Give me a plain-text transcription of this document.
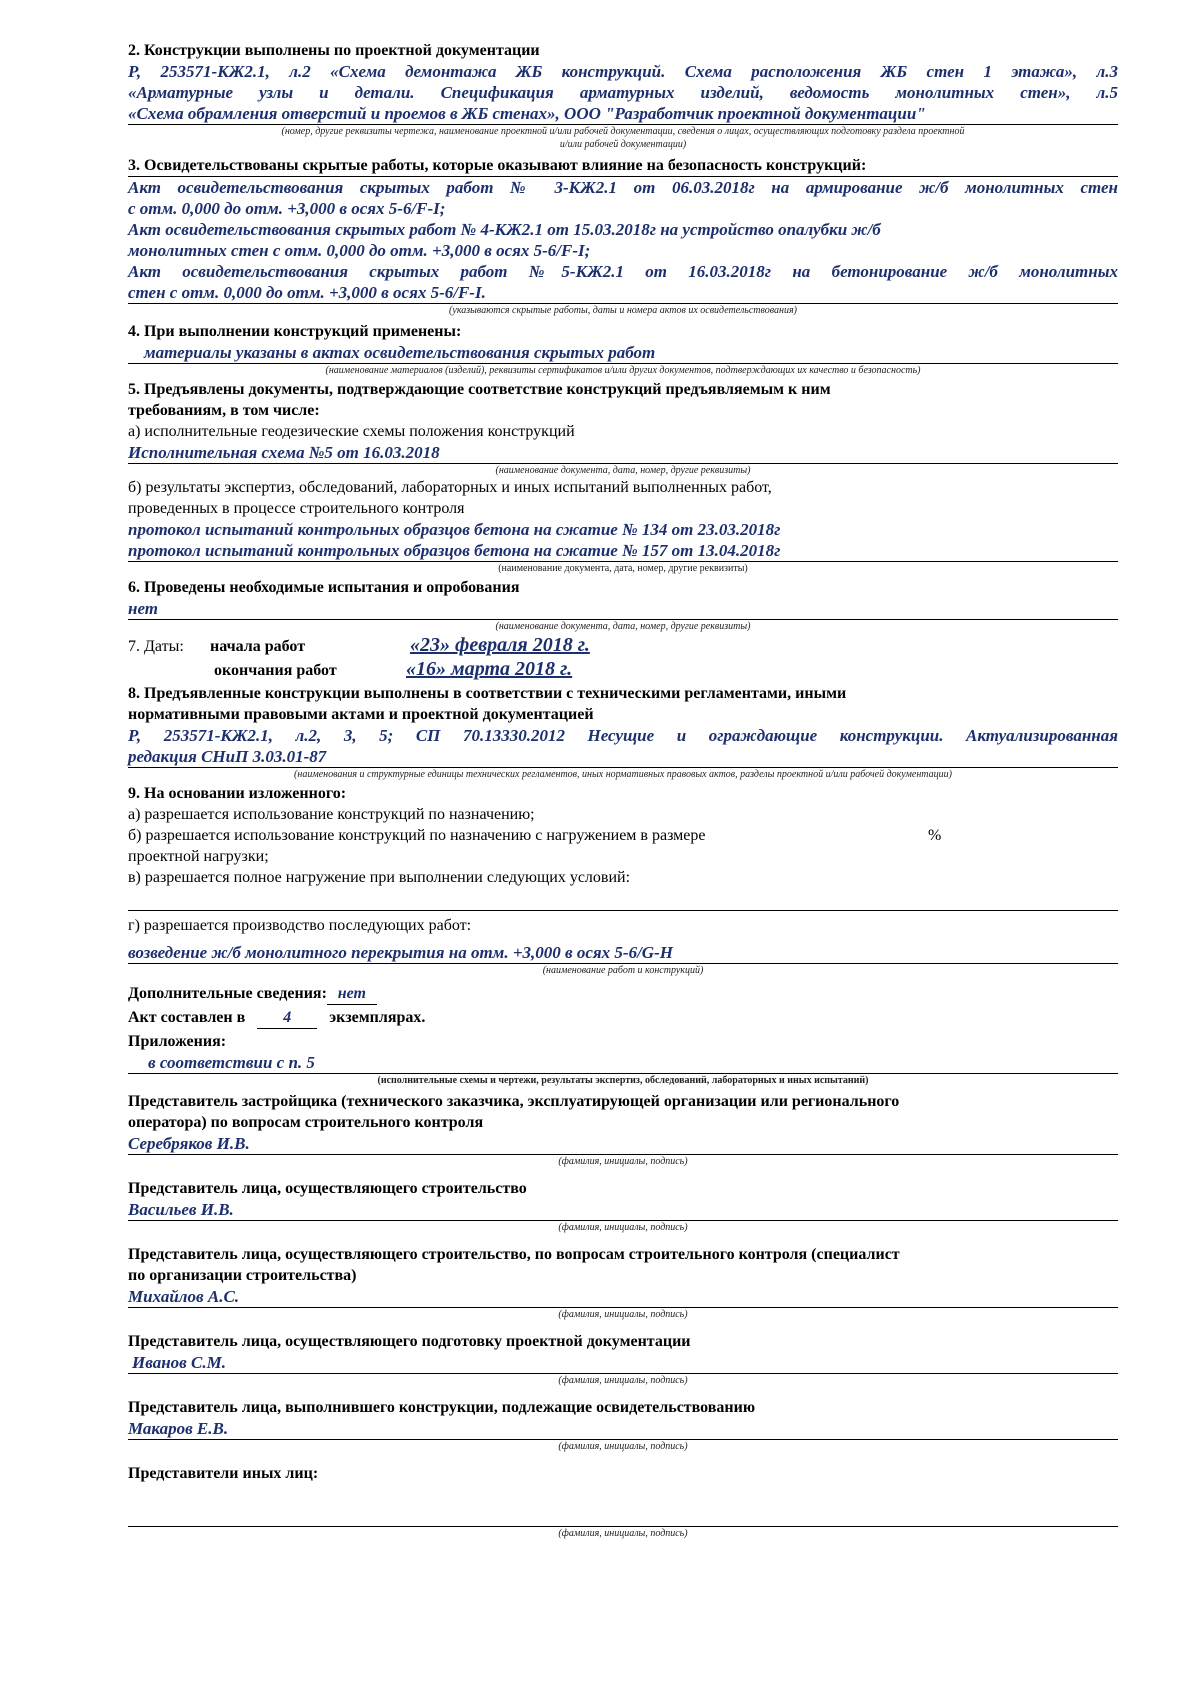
2. Конструкции выполнены по проектной документации
Р, 253571-КЖ2.1, л.2 «Схема демонтажа ЖБ конструкций. Схема расположения ЖБ стен 1 этажа», л.3
«Арматурные узлы и детали. Спецификация арматурных изделий, ведомость монолитных стен», л.5
«Схема обрамления отверстий и проемов в ЖБ стенах», ООО "Разработчик проектной документации"
(номер, другие реквизиты чертежа, наименование проектной и/или рабочей документации, сведения о лицах, осуществляющих подготовку раздела проектной
и/или рабочей документации)
3. Освидетельствованы скрытые работы, которые оказывают влияние на безопасность конструкций:
Акт освидетельствования скрытых работ № 3-КЖ2.1 от 06.03.2018г на армирование ж/б монолитных стен
с отм. 0,000 до отм. +3,000 в осях 5-6/F-I;
Акт освидетельствования скрытых работ № 4-КЖ2.1 от 15.03.2018г на устройство опалубки ж/б
монолитных стен с отм. 0,000 до отм. +3,000 в осях 5-6/F-I;
Акт освидетельствования скрытых работ №5-КЖ2.1 от 16.03.2018г на бетонирование ж/б монолитных
стен с отм. 0,000 до отм. +3,000 в осях 5-6/F-I.
(указываются скрытые работы, даты и номера актов их освидетельствования)
4. При выполнении конструкций применены:
материалы указаны в актах освидетельствования скрытых работ
(наименование материалов (изделий), реквизиты сертификатов и/или других документов, подтверждающих их качество и безопасность)
5. Предъявлены документы, подтверждающие соответствие конструкций предъявляемым к ним
требованиям, в том числе:
а) исполнительные геодезические схемы положения конструкций
Исполнительная схема №5 от 16.03.2018
(наименование документа, дата, номер, другие реквизиты)
б) результаты экспертиз, обследований, лабораторных и иных испытаний выполненных работ,
проведенных в процессе строительного контроля
протокол испытаний контрольных образцов бетона на сжатие № 134 от 23.03.2018г
протокол испытаний контрольных образцов бетона на сжатие № 157 от 13.04.2018г
(наименование документа, дата, номер, другие реквизиты)
6. Проведены необходимые испытания и опробования
нет
(наименование документа, дата, номер, другие реквизиты)
7. Даты:	начала работ	«23» февраля 2018 г.
окончания работ	«16» марта 2018 г.
8. Предъявленные конструкции выполнены в соответствии с техническими регламентами, иными
нормативными правовыми актами и проектной документацией
Р, 253571-КЖ2.1, л.2, 3, 5; СП 70.13330.2012 Несущие и ограждающие конструкции. Актуализированная
редакция СНиП 3.03.01-87
(наименования и структурные единицы технических регламентов, иных нормативных правовых актов, разделы проектной и/или рабочей документации)
9. На основании изложенного:
а) разрешается использование конструкций по назначению;
б) разрешается использование конструкций по назначению с нагружением в размере	%
проектной нагрузки;
в) разрешается полное нагружение при выполнении следующих условий:
г) разрешается производство последующих работ:
возведение ж/б монолитного перекрытия на отм. +3,000 в осях 5-6/G-H
(наименование работ и конструкций)
Дополнительные сведения: нет
Акт составлен в 4 экземплярах.
Приложения:
в соответствии с п. 5
(исполнительные схемы и чертежи, результаты экспертиз, обследований, лабораторных и иных испытаний)
Представитель застройщика (технического заказчика, эксплуатирующей организации или регионального
оператора) по вопросам строительного контроля
Серебряков И.В.
(фамилия, инициалы, подпись)
Представитель лица, осуществляющего строительство
Васильев И.В.
(фамилия, инициалы, подпись)
Представитель лица, осуществляющего строительство, по вопросам строительного контроля (специалист
по организации строительства)
Михайлов А.С.
(фамилия, инициалы, подпись)
Представитель лица, осуществляющего подготовку проектной документации
Иванов С.М.
(фамилия, инициалы, подпись)
Представитель лица, выполнившего конструкции, подлежащие освидетельствованию
Макаров Е.В.
(фамилия, инициалы, подпись)
Представители иных лиц:
(фамилия, инициалы, подпись)
